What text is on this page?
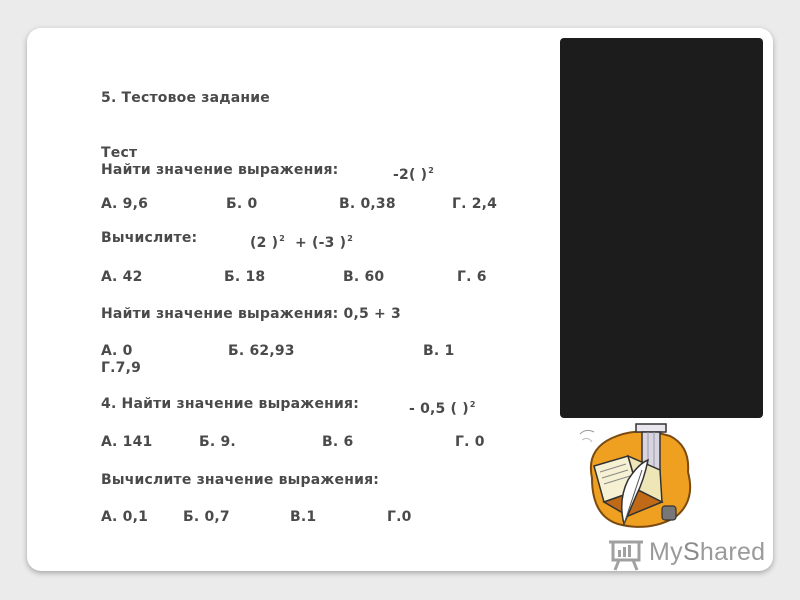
5. Тестовое задание
Тест
Найти значение выражения:	-2( )$^2$
А. 9,6	Б. 0	В. 0,38	Г. 2,4
Вычислите:	(2 )$^2$ + (-3 )$^2$
А. 42	Б. 18	В. 60	Г. 6
Найти значение выражения: 0,5 + 3
А. 0	Б. 62,93	В. 1
Г.7,9
4. Найти значение выражения:	- 0,5 ( )$^2$
А. 141	Б. 9.	В. 6	Г. 0
Вычислите значение выражения:
А. 0,1 Б. 0,7	В.1	Г.0
MyShared
